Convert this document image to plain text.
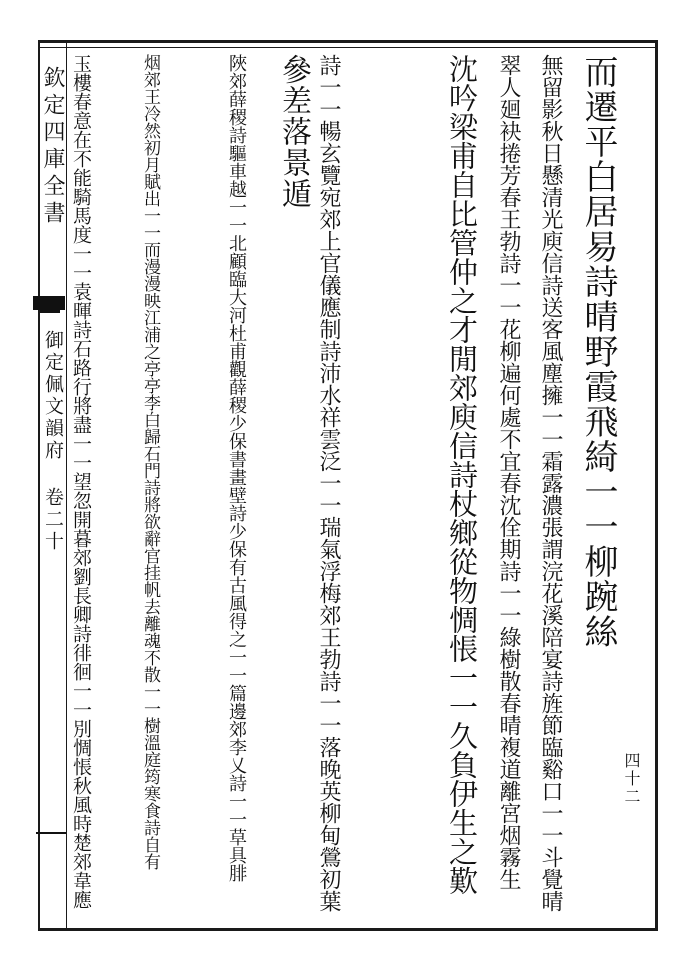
欽定四庫全書
御定佩文韻府 卷二十
四十二
而遷平白居易詩晴野霞飛綺一一柳踠絲
無留影秋日懸清光庾信詩送客風塵擁一一霜露濃張謂浣花溪陪宴詩旌節臨谿口一一斗覺晴
翠人廻袂捲芳春王勃詩一一花柳遍何處不宜春沈佺期詩一一綠樹散春晴複道離宮烟霧生
沈吟梁甫自比管仲之才閒郊庾信詩杖鄉從物惆悵一一久負伊生之歎
詩一一暢玄覽宛郊上官儀應制詩沛水祥雲泛一一瑞氣浮梅郊王勃詩一一落晚英柳甸鶯初葉
參差落景遁
陜郊薛稷詩驅車越一一北顧臨大河杜甫觀薛稷少保書畫壁詩少保有古風得之一一篇邊郊李乂詩一一草具腓
烟郊王冷然初月賦出一一而漫漫映江浦之亭亭李白歸石門詩將欲辭官挂帆去離魂不散一一樹溫庭筠寒食詩自有
玉樓春意在不能騎馬度一一袁暉詩石路行將盡一一望忽開暮郊劉長卿詩徘徊一一別惆悵秋風時楚郊韋應
